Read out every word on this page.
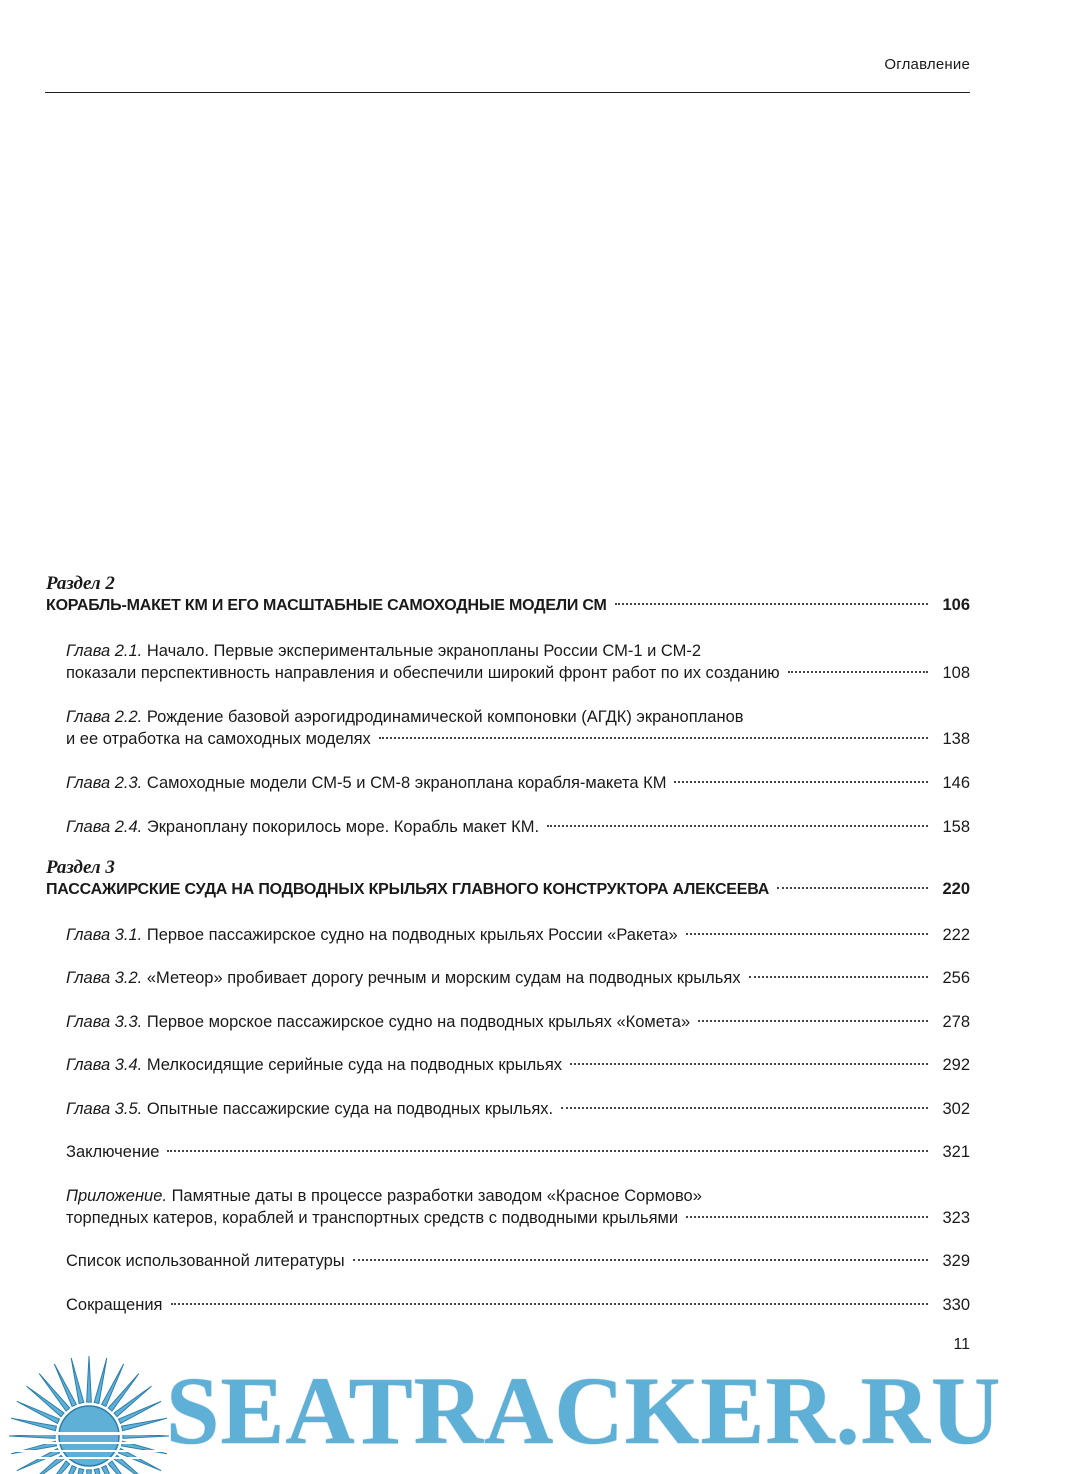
Оглавление
Раздел 2
КОРАБЛЬ-МАКЕТ КМ И ЕГО МАСШТАБНЫЕ САМОХОДНЫЕ МОДЕЛИ СМ	106
Глава 2.1. Начало. Первые экспериментальные экранопланы России СМ-1 и СМ-2
показали перспективность направления и обеспечили широкий фронт работ по их созданию	108
Глава 2.2. Рождение базовой аэрогидродинамической компоновки (АГДК) экранопланов
и ее отработка на самоходных моделях	138
Глава 2.3. Самоходные модели СМ-5 и СМ-8 экраноплана корабля-макета КМ	146
Глава 2.4. Экраноплану покорилось море. Корабль макет КМ.	158
Раздел 3
ПАССАЖИРСКИЕ СУДА НА ПОДВОДНЫХ КРЫЛЬЯХ ГЛАВНОГО КОНСТРУКТОРА АЛЕКСЕЕВА	220
Глава 3.1. Первое пассажирское судно на подводных крыльях России «Ракета»	222
Глава 3.2. «Метеор» пробивает дорогу речным и морским судам на подводных крыльях	256
Глава 3.3. Первое морское пассажирское судно на подводных крыльях «Комета»	278
Глава 3.4. Мелкосидящие серийные суда на подводных крыльях	292
Глава 3.5. Опытные пассажирские суда на подводных крыльях.	302
Заключение	321
Приложение. Памятные даты в процессе разработки заводом «Красное Сормово»
торпедных катеров, кораблей и транспортных средств с подводными крыльями	323
Список использованной литературы	329
Сокращения	330
11
SEATRACKER.RU
